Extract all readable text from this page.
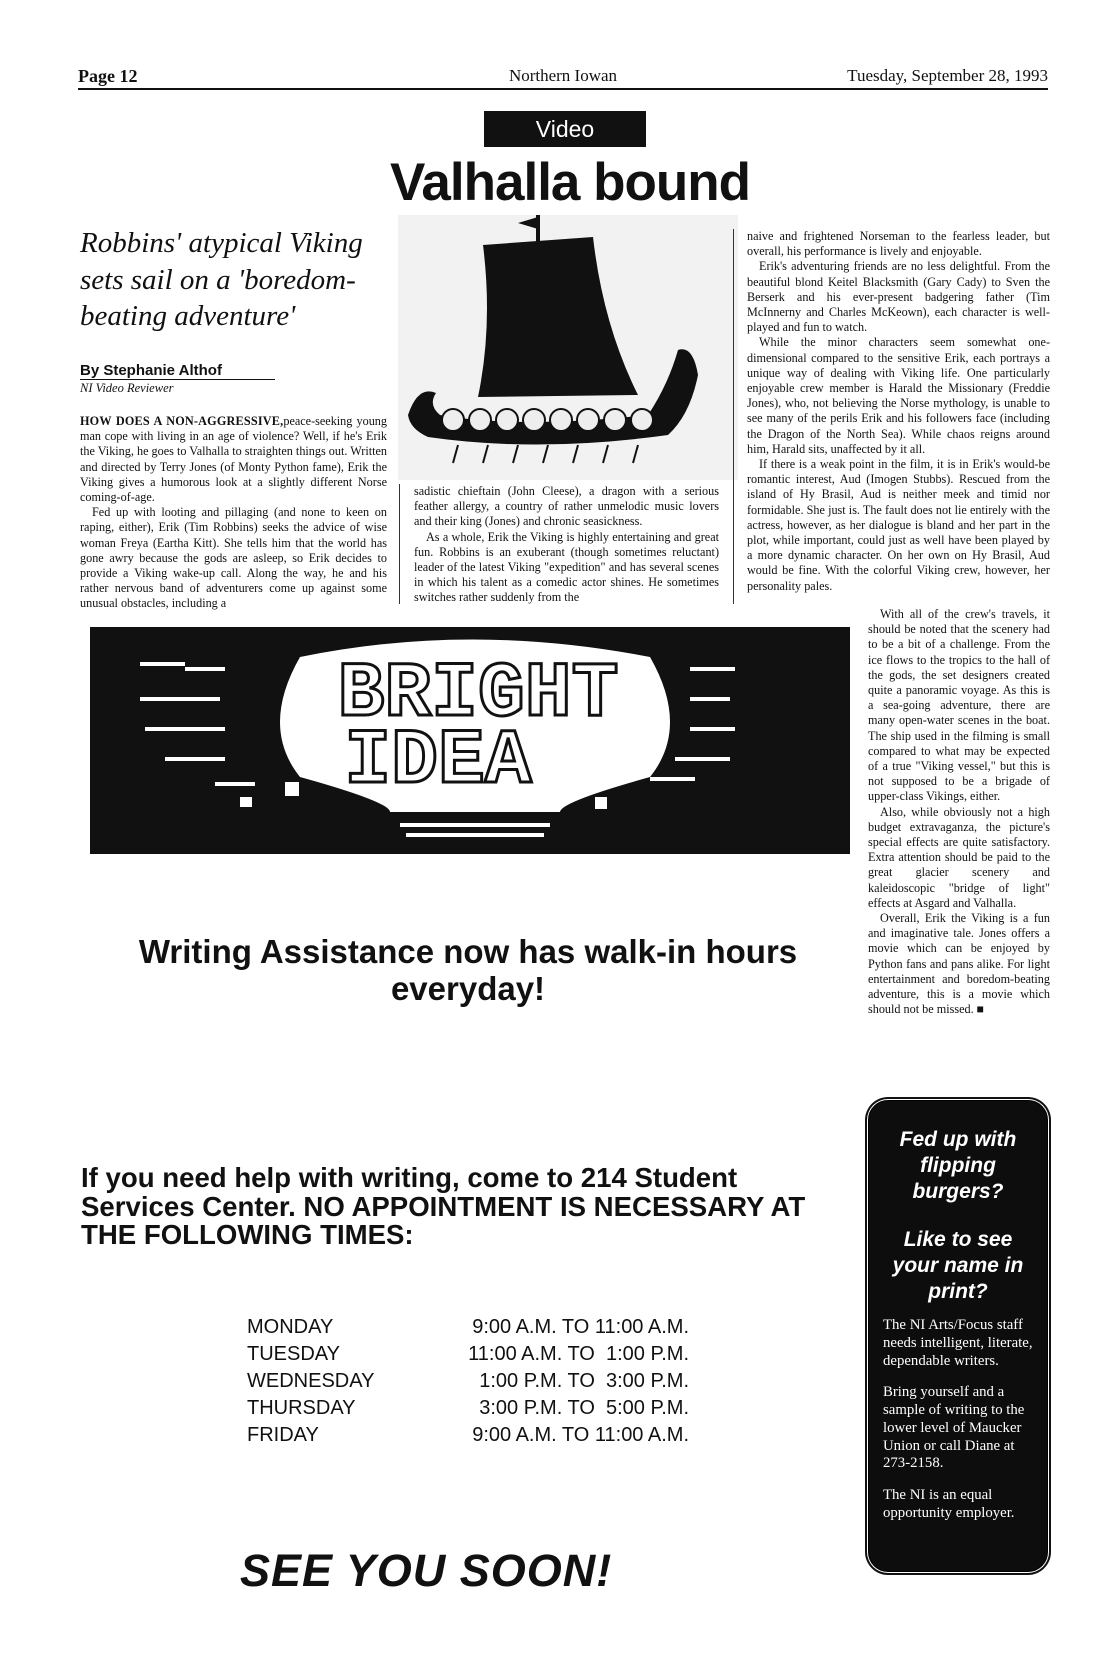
Page 12	Northern Iowan	Tuesday, September 28, 1993
Video
Valhalla bound
Robbins' atypical Viking sets sail on a 'boredom-beating adventure'
By Stephanie Althof
NI Video Reviewer

HOW DOES A NON-AGGRESSIVE,peace-seeking young man cope with living in an age of violence? Well, if he's Erik the Viking, he goes to Valhalla to straighten things out. Written and directed by Terry Jones (of Monty Python fame), Erik the Viking gives a humorous look at a slightly different Norse coming-of-age.

Fed up with looting and pillaging (and none to keen on raping, either), Erik (Tim Robbins) seeks the advice of wise woman Freya (Eartha Kitt). She tells him that the world has gone awry because the gods are asleep, so Erik decides to provide a Viking wake-up call. Along the way, he and his rather nervous band of adventurers come up against some unusual obstacles, including a

sadistic chieftain (John Cleese), a dragon with a serious feather allergy, a country of rather unmelodic music lovers and their king (Jones) and chronic seasickness.

As a whole, Erik the Viking is highly entertaining and great fun. Robbins is an exuberant (though sometimes reluctant) leader of the latest Viking "expedition" and has several scenes in which his talent as a comedic actor shines. He sometimes switches rather suddenly from the

naive and frightened Norseman to the fearless leader, but overall, his performance is lively and enjoyable.

Erik's adventuring friends are no less delightful. From the beautiful blond Keitel Blacksmith (Gary Cady) to Sven the Berserk and his ever-present badgering father (Tim McInnerny and Charles McKeown), each character is well-played and fun to watch.

While the minor characters seem somewhat one-dimensional compared to the sensitive Erik, each portrays a unique way of dealing with Viking life. One particularly enjoyable crew member is Harald the Missionary (Freddie Jones), who, not believing the Norse mythology, is unable to see many of the perils Erik and his followers face (including the Dragon of the North Sea). While chaos reigns around him, Harald sits, unaffected by it all.

If there is a weak point in the film, it is in Erik's would-be romantic interest, Aud (Imogen Stubbs). Rescued from the island of Hy Brasil, Aud is neither meek and timid nor formidable. She just is. The fault does not lie entirely with the actress, however, as her dialogue is bland and her part in the plot, while important, could just as well have been played by a more dynamic character. On her own on Hy Brasil, Aud would be fine. With the colorful Viking crew, however, her personality pales.

With all of the crew's travels, it should be noted that the scenery had to be a bit of a challenge. From the ice flows to the tropics to the hall of the gods, the set designers created quite a panoramic voyage. As this is a sea-going adventure, there are many open-water scenes in the boat. The ship used in the filming is small compared to what may be expected of a true "Viking vessel," but this is not supposed to be a brigade of upper-class Vikings, either.

Also, while obviously not a high budget extravaganza, the picture's special effects are quite satisfactory. Extra attention should be paid to the great glacier scenery and kaleidoscopic "bridge of light" effects at Asgard and Valhalla.

Overall, Erik the Viking is a fun and imaginative tale. Jones offers a movie which can be enjoyed by Python fans and pans alike. For light entertainment and boredom-beating adventure, this is a movie which should not be missed. ■

BRIGHT
IDEA
Writing Assistance now has walk-in hours everyday!
If you need help with writing, come to 214 Student Services Center. NO APPOINTMENT IS NECESSARY AT THE FOLLOWING TIMES:
MONDAY	9:00 A.M. TO 11:00 A.M.
TUESDAY	11:00 A.M. TO  1:00 P.M.
WEDNESDAY	1:00 P.M. TO  3:00 P.M.
THURSDAY	3:00 P.M. TO  5:00 P.M.
FRIDAY	9:00 A.M. TO 11:00 A.M.
SEE YOU SOON!
Fed up with flipping burgers?
Like to see your name in print?

The NI Arts/Focus staff needs intelligent, literate, dependable writers.

Bring yourself and a sample of writing to the lower level of Maucker Union or call Diane at 273-2158.

The NI is an equal opportunity employer.
